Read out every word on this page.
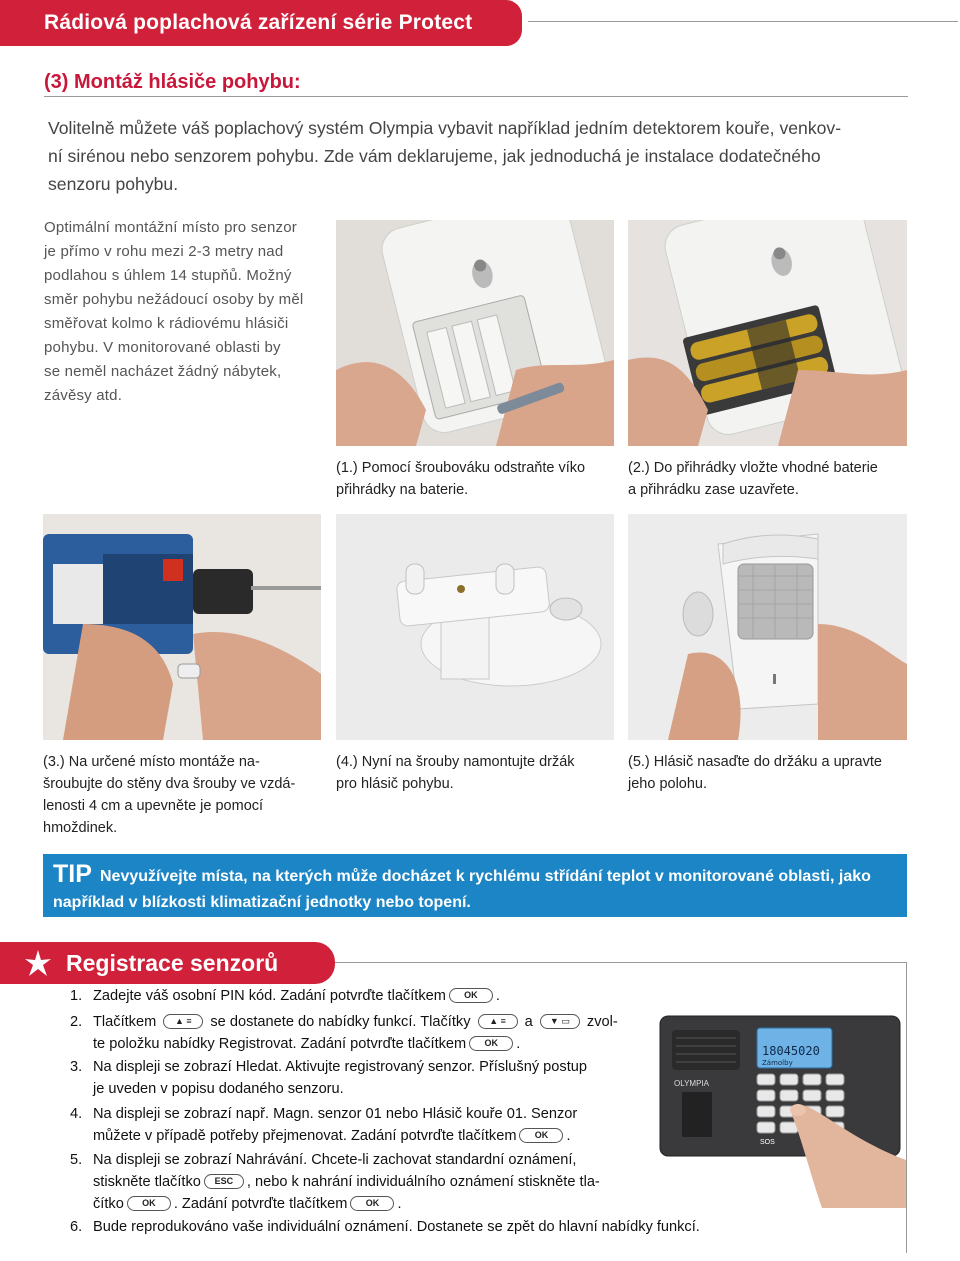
Rádiová poplachová zařízení série Protect
(3) Montáž hlásiče pohybu:
Volitelně můžete váš poplachový systém Olympia vybavit například jedním detektorem kouře, venkov-
ní sirénou nebo senzorem pohybu. Zde vám deklarujeme, jak jednoduchá je instalace dodatečného
senzoru pohybu.
Optimální montážní místo pro senzor
je přímo v rohu mezi 2-3 metry nad
podlahou s úhlem 14 stupňů. Možný
směr pohybu nežádoucí osoby by měl
směřovat kolmo k rádiovému hlásiči
pohybu. V monitorované oblasti by
se neměl nacházet žádný nábytek,
závěsy atd.
(1.) Pomocí šroubováku odstraňte víko
přihrádky na baterie.
(2.) Do přihrádky vložte vhodné baterie
a přihrádku zase uzavřete.
(3.) Na určené místo montáže na-
šroubujte do stěny dva šrouby ve vzdá-
lenosti 4 cm a upevněte je pomocí
hmoždinek.
(4.) Nyní na šrouby namontujte držák
pro hlásič pohybu.
(5.) Hlásič nasaďte do držáku a upravte
jeho polohu.
TIP Nevyužívejte místa, na kterých může docházet k rychlému střídání teplot v monitorované oblasti, jako například v blízkosti klimatizační jednotky nebo topení.
Registrace senzorů
1. Zadejte váš osobní PIN kód. Zadání potvrďte tlačítkem OK .
2. Tlačítkem ▲ ≡ se dostanete do nabídky funkcí. Tlačítky ▲ ≡ a ▼ ▭ zvol-
te položku nabídky Registrovat. Zadání potvrďte tlačítkem OK .
3. Na displeji se zobrazí Hledat. Aktivujte registrovaný senzor. Příslušný postup
je uveden v popisu dodaného senzoru.
4. Na displeji se zobrazí např. Magn. senzor 01 nebo Hlásič kouře 01. Senzor
můžete v případě potřeby přejmenovat. Zadání potvrďte tlačítkem OK .
5. Na displeji se zobrazí Nahrávání. Chcete-li zachovat standardní oznámení,
stiskněte tlačítko ESC , nebo k nahrání individuálního oznámení stiskněte tla-
čítko OK . Zadání potvrďte tlačítkem OK .
6. Bude reprodukováno vaše individuální oznámení. Dostanete se zpět do hlavní nabídky funkcí.
18045020
Zámolby
OLYMPIA
SOS
